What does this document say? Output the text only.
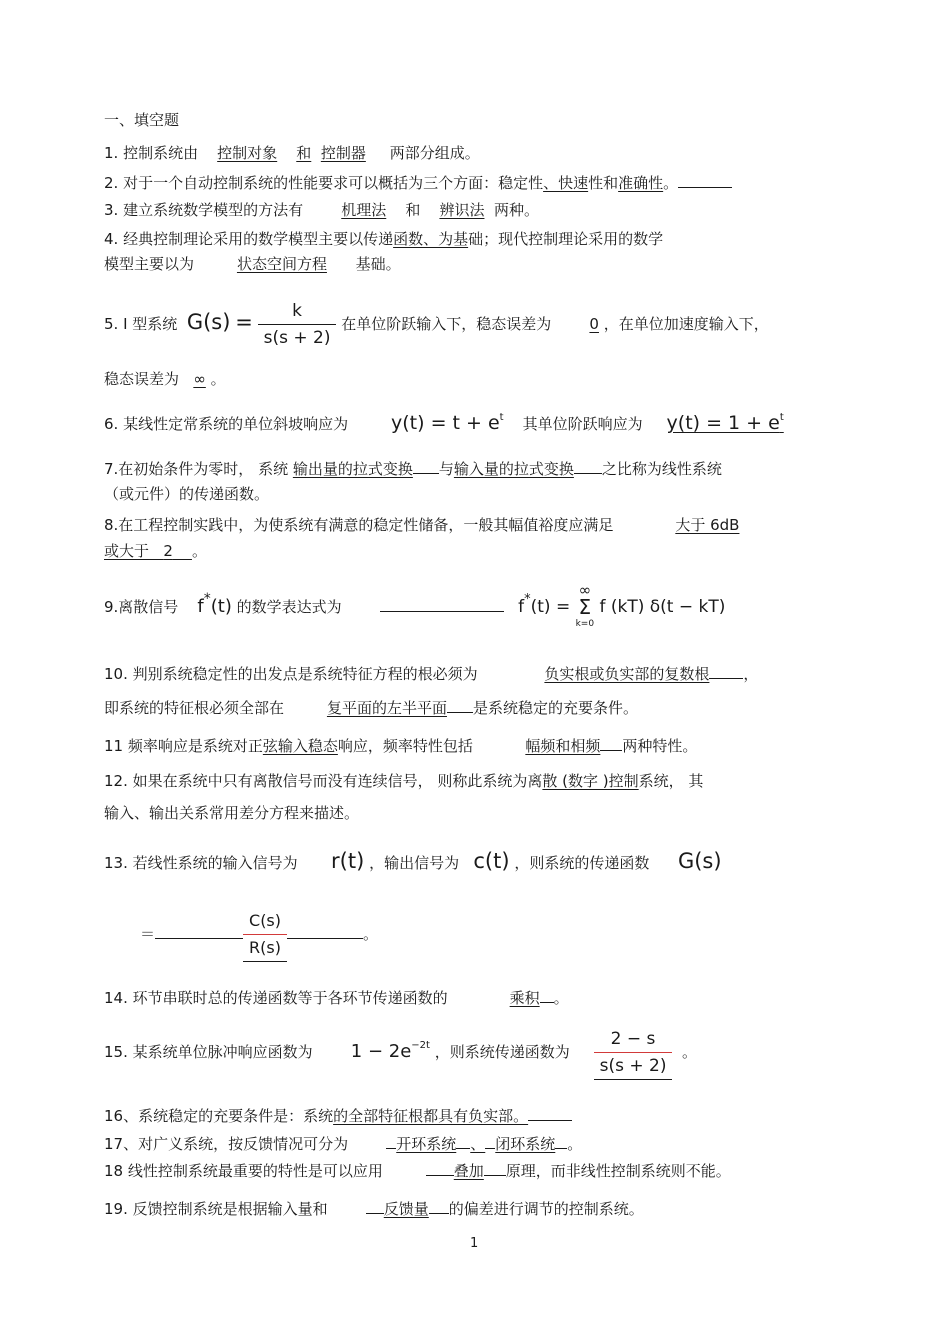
一、填空题
1. 控制系统由 控制对象 和 控制器 两部分组成。
2. 对于一个自动控制系统的性能要求可以概括为三个方面：稳定性、快速性和准确性。
3. 建立系统数学模型的方法有	机理法 和 辨识法 两种。
4. 经典控制理论采用的数学模型主要以传递函数、为基础；现代控制理论采用的数学
模型主要以为	状态空间方程 基础。
5. I 型系统 $G(s) = \frac{k}{s(s + 2)}$ 在单位阶跃输入下，稳态误差为	0 ，在单位加速度输入下，
稳态误差为 ∞ 。
6. 某线性定常系统的单位斜坡响应为 $y(t) = t + e^t$ 其单位阶跃响应为 $y(t) = 1 + e^t$
7.在初始条件为零时， 系统 输出量的拉式变换 与输入量的拉式变换 之比称为线性系统
（或元件）的传递函数。
8.在工程控制实践中，为使系统有满意的稳定性储备，一般其幅值裕度应满足	大于 6dB
或大于 2 。
9.离散信号 f*(t) 的数学表达式为	f*(t) =
∞
Σ
k=0
f (kT) δ(t − kT)
10. 判别系统稳定性的出发点是系统特征方程的根必须为	负实根或负实部的复数根 ，
即系统的特征根必须全部在	复平面的左半平面 是系统稳定的充要条件。
11 频率响应是系统对正弦输入稳态响应，频率特性包括	幅频和相频 两种特性。
12. 如果在系统中只有离散信号而没有连续信号， 则称此系统为离散 (数字 )控制系统， 其
输入、输出关系常用差分方程来描述。
13. 若线性系统的输入信号为 r(t) ，输出信号为 c(t) ，则系统的传递函数 G(s)
＝	$\frac{C(s)}{R(s)}$	。
14. 环节串联时总的传递函数等于各环节传递函数的	乘积 。
15. 某系统单位脉冲响应函数为 $1 - 2e^{-2t}$ ，则系统传递函数为 $\frac{2 - s}{s(s + 2)}$ 。
16、系统稳定的充要条件是：系统的全部特征根都具有负实部。
17、对广义系统，按反馈情况可分为	开环系统 、 闭环系统 。
18 线性控制系统最重要的特性是可以应用	叠加 原理，而非线性控制系统则不能。
19. 反馈控制系统是根据输入量和	反馈量 的偏差进行调节的控制系统。
1
